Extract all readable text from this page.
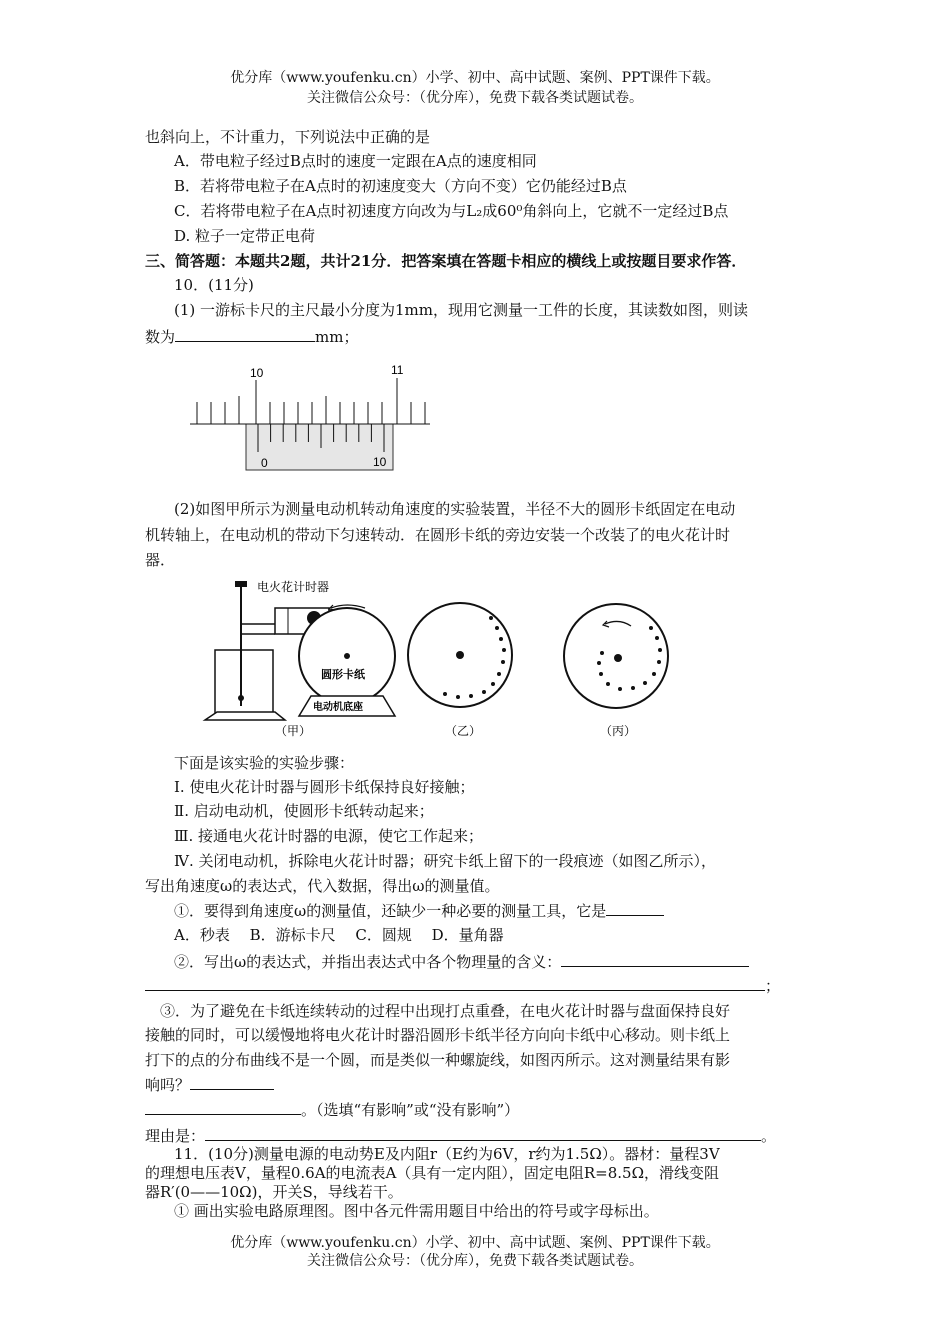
优分库（www.youfenku.cn）小学、初中、高中试题、案例、PPT课件下载。
关注微信公众号：（优分库），免费下载各类试题试卷。
也斜向上，不计重力，下列说法中正确的是
A．带电粒子经过B点时的速度一定跟在A点的速度相同
B．若将带电粒子在A点时的初速度变大（方向不变）它仍能经过B点
C．若将带电粒子在A点时初速度方向改为与L₂成60⁰角斜向上，它就不一定经过B点
D. 粒子一定带正电荷
三、简答题：本题共2题，共计21分．把答案填在答题卡相应的横线上或按题目要求作答．
10．(11分)
(1) 一游标卡尺的主尺最小分度为1mm，现用它测量一工件的长度，其读数如图，则读
数为	mm；
10	11
0	10
(2)如图甲所示为测量电动机转动角速度的实验装置，半径不大的圆形卡纸固定在电动
机转轴上，在电动机的带动下匀速转动．在圆形卡纸的旁边安装一个改装了的电火花计时
器．
电火花计时器
圆形卡纸
电动机底座
（甲）	（乙）	（丙）
下面是该实验的实验步骤：
Ⅰ. 使电火花计时器与圆形卡纸保持良好接触；
Ⅱ. 启动电动机，使圆形卡纸转动起来；
Ⅲ. 接通电火花计时器的电源，使它工作起来；
Ⅳ. 关闭电动机，拆除电火花计时器；研究卡纸上留下的一段痕迹（如图乙所示），
写出角速度ω的表达式，代入数据，得出ω的测量值。
①．要得到角速度ω的测量值，还缺少一种必要的测量工具，它是
A．秒表　 B．游标卡尺　 C．圆规　 D．量角器
②．写出ω的表达式，并指出表达式中各个物理量的含义：
；
③．为了避免在卡纸连续转动的过程中出现打点重叠，在电火花计时器与盘面保持良好
接触的同时，可以缓慢地将电火花计时器沿圆形卡纸半径方向向卡纸中心移动。则卡纸上
打下的点的分布曲线不是一个圆，而是类似一种螺旋线，如图丙所示。这对测量结果有影
响吗？
。（选填“有影响”或“没有影响”）
理由是：	。
11．(10分)测量电源的电动势E及内阻r（E约为6V，r约为1.5Ω）。器材：量程3V
的理想电压表V，量程0.6A的电流表A（具有一定内阻），固定电阻R=8.5Ω，滑线变阻
器R′(0——10Ω)，开关S，导线若干。
① 画出实验电路原理图。图中各元件需用题目中给出的符号或字母标出。
优分库（www.youfenku.cn）小学、初中、高中试题、案例、PPT课件下载。
关注微信公众号：（优分库），免费下载各类试题试卷。
